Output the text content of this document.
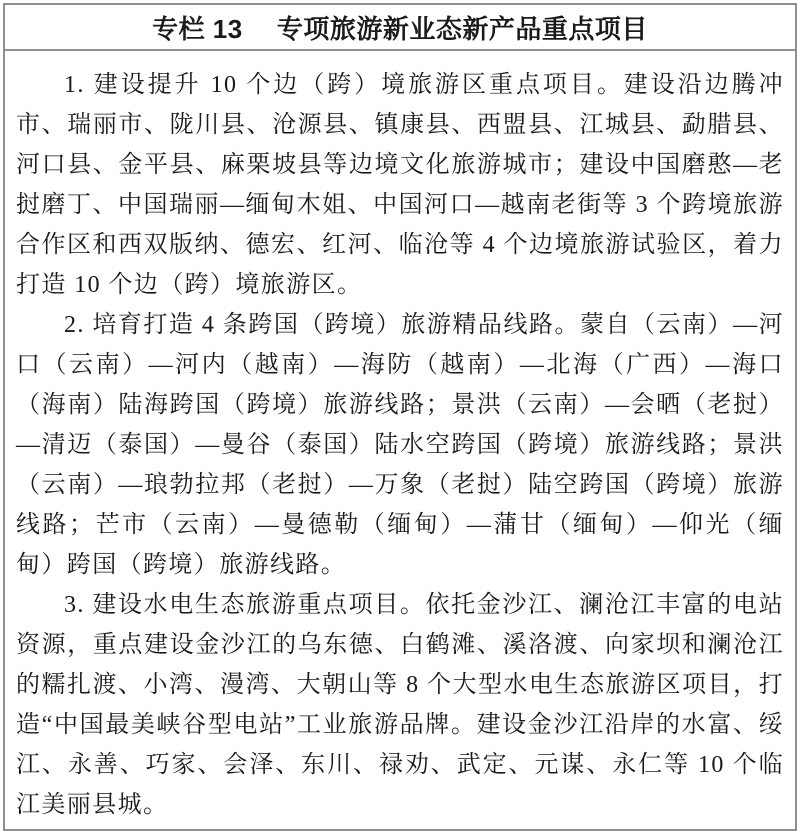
专栏 13　 专项旅游新业态新产品重点项目

1. 建设提升 10 个边（跨）境旅游区重点项目。建设沿边腾冲市、瑞丽市、陇川县、沧源县、镇康县、西盟县、江城县、勐腊县、河口县、金平县、麻栗坡县等边境文化旅游城市；建设中国磨憨—老挝磨丁、中国瑞丽—缅甸木姐、中国河口—越南老街等 3 个跨境旅游合作区和西双版纳、德宏、红河、临沧等 4 个边境旅游试验区，着力打造 10 个边（跨）境旅游区。

2. 培育打造 4 条跨国（跨境）旅游精品线路。蒙自（云南）—河口（云南）—河内（越南）—海防（越南）—北海（广西）—海口（海南）陆海跨国（跨境）旅游线路；景洪（云南）—会晒（老挝）—清迈（泰国）—曼谷（泰国）陆水空跨国（跨境）旅游线路；景洪（云南）—琅勃拉邦（老挝）—万象（老挝）陆空跨国（跨境）旅游线路；芒市（云南）—曼德勒（缅甸）—蒲甘（缅甸）—仰光（缅甸）跨国（跨境）旅游线路。

3. 建设水电生态旅游重点项目。依托金沙江、澜沧江丰富的电站资源，重点建设金沙江的乌东德、白鹤滩、溪洛渡、向家坝和澜沧江的糯扎渡、小湾、漫湾、大朝山等 8 个大型水电生态旅游区项目，打造“中国最美峡谷型电站”工业旅游品牌。建设金沙江沿岸的水富、绥江、永善、巧家、会泽、东川、禄劝、武定、元谋、永仁等 10 个临江美丽县城。
